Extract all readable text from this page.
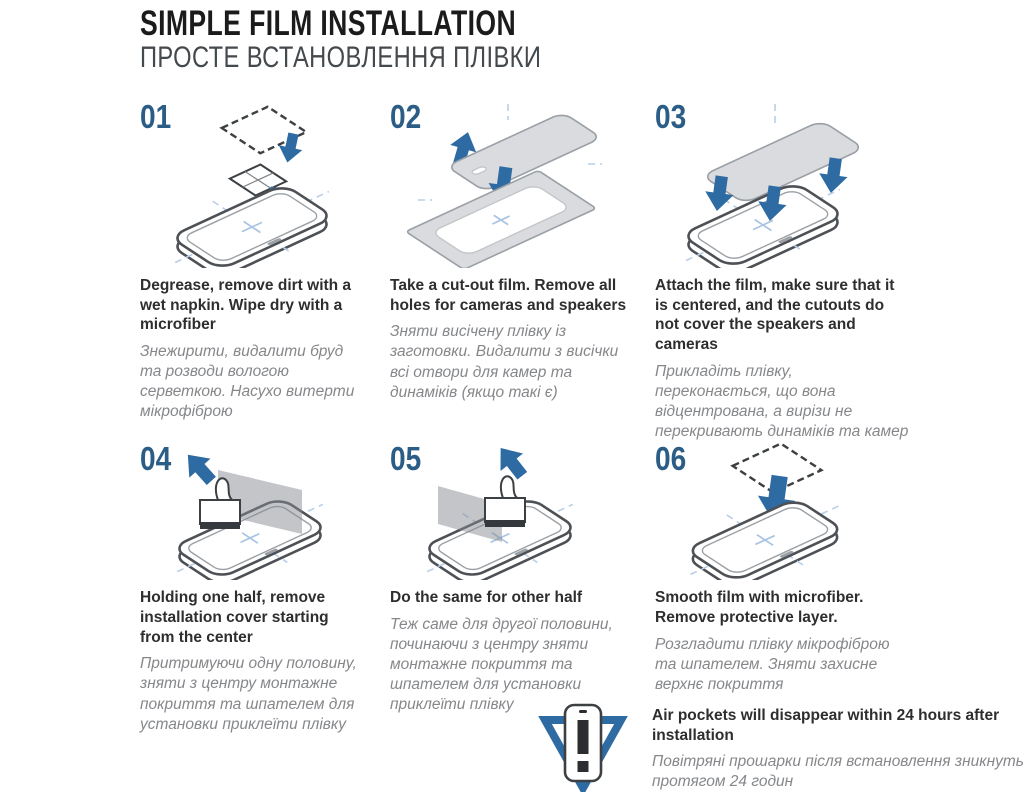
SIMPLE FILM INSTALLATION
ПРОСТЕ ВСТАНОВЛЕННЯ ПЛІВКИ
01

Degrease, remove dirt with a wet napkin. Wipe dry with a microfiber

Знежирити, видалити бруд та розводи вологою серветкою. Насухо витерти мікрофіброю

02

Take a cut-out film. Remove all holes for cameras and speakers

Зняти висічену плівку із заготовки. Видалити з висічки всі отвори для камер та динаміків (якщо такі є)

03

Attach the film, make sure that it is centered, and the cutouts do not cover the speakers and cameras

Прикладіть плівку, переконається, що вона відцентрована, а вирізи не перекривають динаміків та камер

04

Holding one half, remove installation cover starting from the center

Притримуючи одну половину, зняти з центру монтажне покриття та шпателем для установки приклеїти плівку

05

Do the same for other half

Теж саме для другої половини, починаючи з центру зняти монтажне покриття та шпателем для установки приклеїти плівку

06

Smooth film with microfiber. Remove protective layer.

Розгладити плівку мікрофіброю та шпателем. Зняти захисне верхнє покриття

Air pockets will disappear within 24 hours after installation

Повітряні прошарки після встановлення зникнуть протягом 24 годин
